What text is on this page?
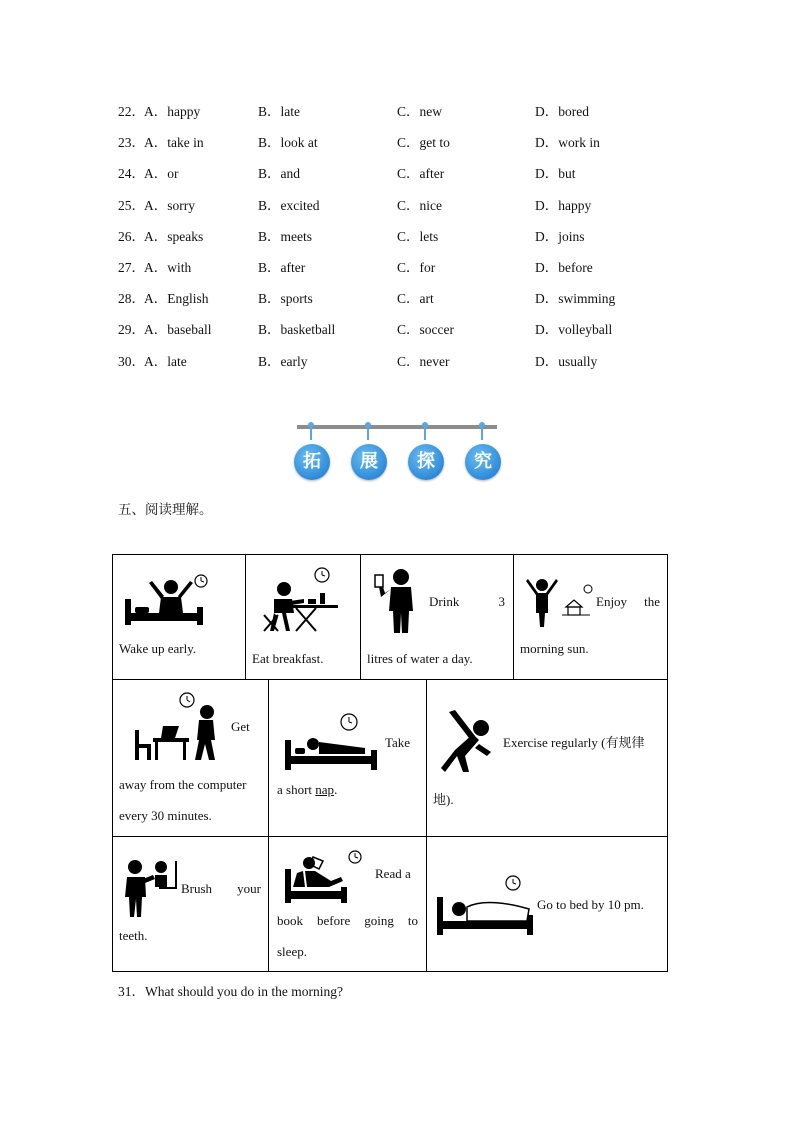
22． A．happy	B．late	C．new	D．bored
23． A．take in	B．look at	C．get to	D．work in
24． A．or	B．and	C．after	D．but
25． A．sorry	B．excited	C．nice	D．happy
26． A．speaks	B．meets	C．lets	D．joins
27． A．with	B．after	C．for	D．before
28． A．English	B．sports	C．art	D．swimming
29． A．baseball	B．basketball	C．soccer	D．volleyball
30． A．late	B．early	C．never	D．usually
拓	展	探	究
五、阅读理解。
Wake up early.
Eat breakfast.
Drink	3
litres of water a day.
Enjoy the
morning sun.
Get
away from the computer
every 30 minutes.
Take
a short nap.
Exercise regularly (有规律
地).
Brush your
teeth.
Read a
book before going to
sleep.
Go to bed by 10 pm.
31．What should you do in the morning?
